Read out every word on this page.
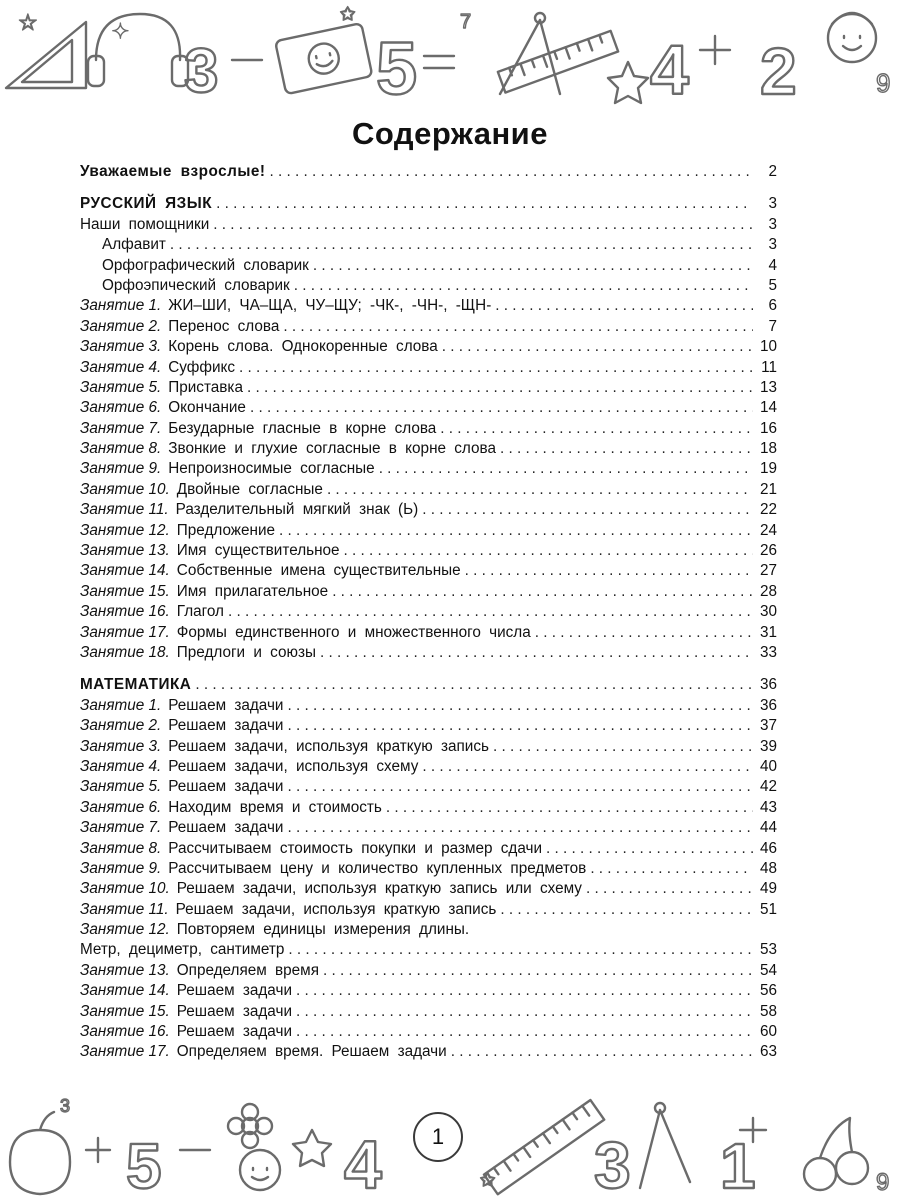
3 5	4 2	9
✦
☆	✩	7
Содержание
Уважаемые взрослые! . . .	2
РУССКИЙ ЯЗЫК . . .	3
Наши помощники . . .	3
Алфавит . . .	3
Орфографический словарик . . .	4
Орфоэпический словарик . . .	5
Занятие 1. ЖИ–ШИ, ЧА–ЩА, ЧУ–ЩУ; -ЧК-, -ЧН-, -ЩН- . . .	6
Занятие 2. Перенос слова . . .	7
Занятие 3. Корень слова. Однокоренные слова . . .	10
Занятие 4. Суффикс . . .	11
Занятие 5. Приставка . . .	13
Занятие 6. Окончание . . .	14
Занятие 7. Безударные гласные в корне слова . . .	16
Занятие 8. Звонкие и глухие согласные в корне слова . . .	18
Занятие 9. Непроизносимые согласные . . .	19
Занятие 10. Двойные согласные . . .	21
Занятие 11. Разделительный мягкий знак (Ь) . . .	22
Занятие 12. Предложение . . .	24
Занятие 13. Имя существительное . . .	26
Занятие 14. Собственные имена существительные . . .	27
Занятие 15. Имя прилагательное . . .	28
Занятие 16. Глагол . . .	30
Занятие 17. Формы единственного и множественного числа . . .	31
Занятие 18. Предлоги и союзы . . .	33
МАТЕМАТИКА . . .	36
Занятие 1. Решаем задачи . . .	36
Занятие 2. Решаем задачи . . .	37
Занятие 3. Решаем задачи, используя краткую запись . . .	39
Занятие 4. Решаем задачи, используя схему . . .	40
Занятие 5. Решаем задачи . . .	42
Занятие 6. Находим время и стоимость . . .	43
Занятие 7. Решаем задачи . . .	44
Занятие 8. Рассчитываем стоимость покупки и размер сдачи . . .	46
Занятие 9. Рассчитываем цену и количество купленных предметов . . .	48
Занятие 10. Решаем задачи, используя краткую запись или схему . . .	49
Занятие 11. Решаем задачи, используя краткую запись . . .	51
Занятие 12. Повторяем единицы измерения длины.
Метр, дециметр, сантиметр . . .	53
Занятие 13. Определяем время . . .	54
Занятие 14. Решаем задачи . . .	56
Занятие 15. Решаем задачи . . .	58
Занятие 16. Решаем задачи . . .	60
Занятие 17. Определяем время. Решаем задачи . . .	63
5	4	3 1	9
3
✩
1
